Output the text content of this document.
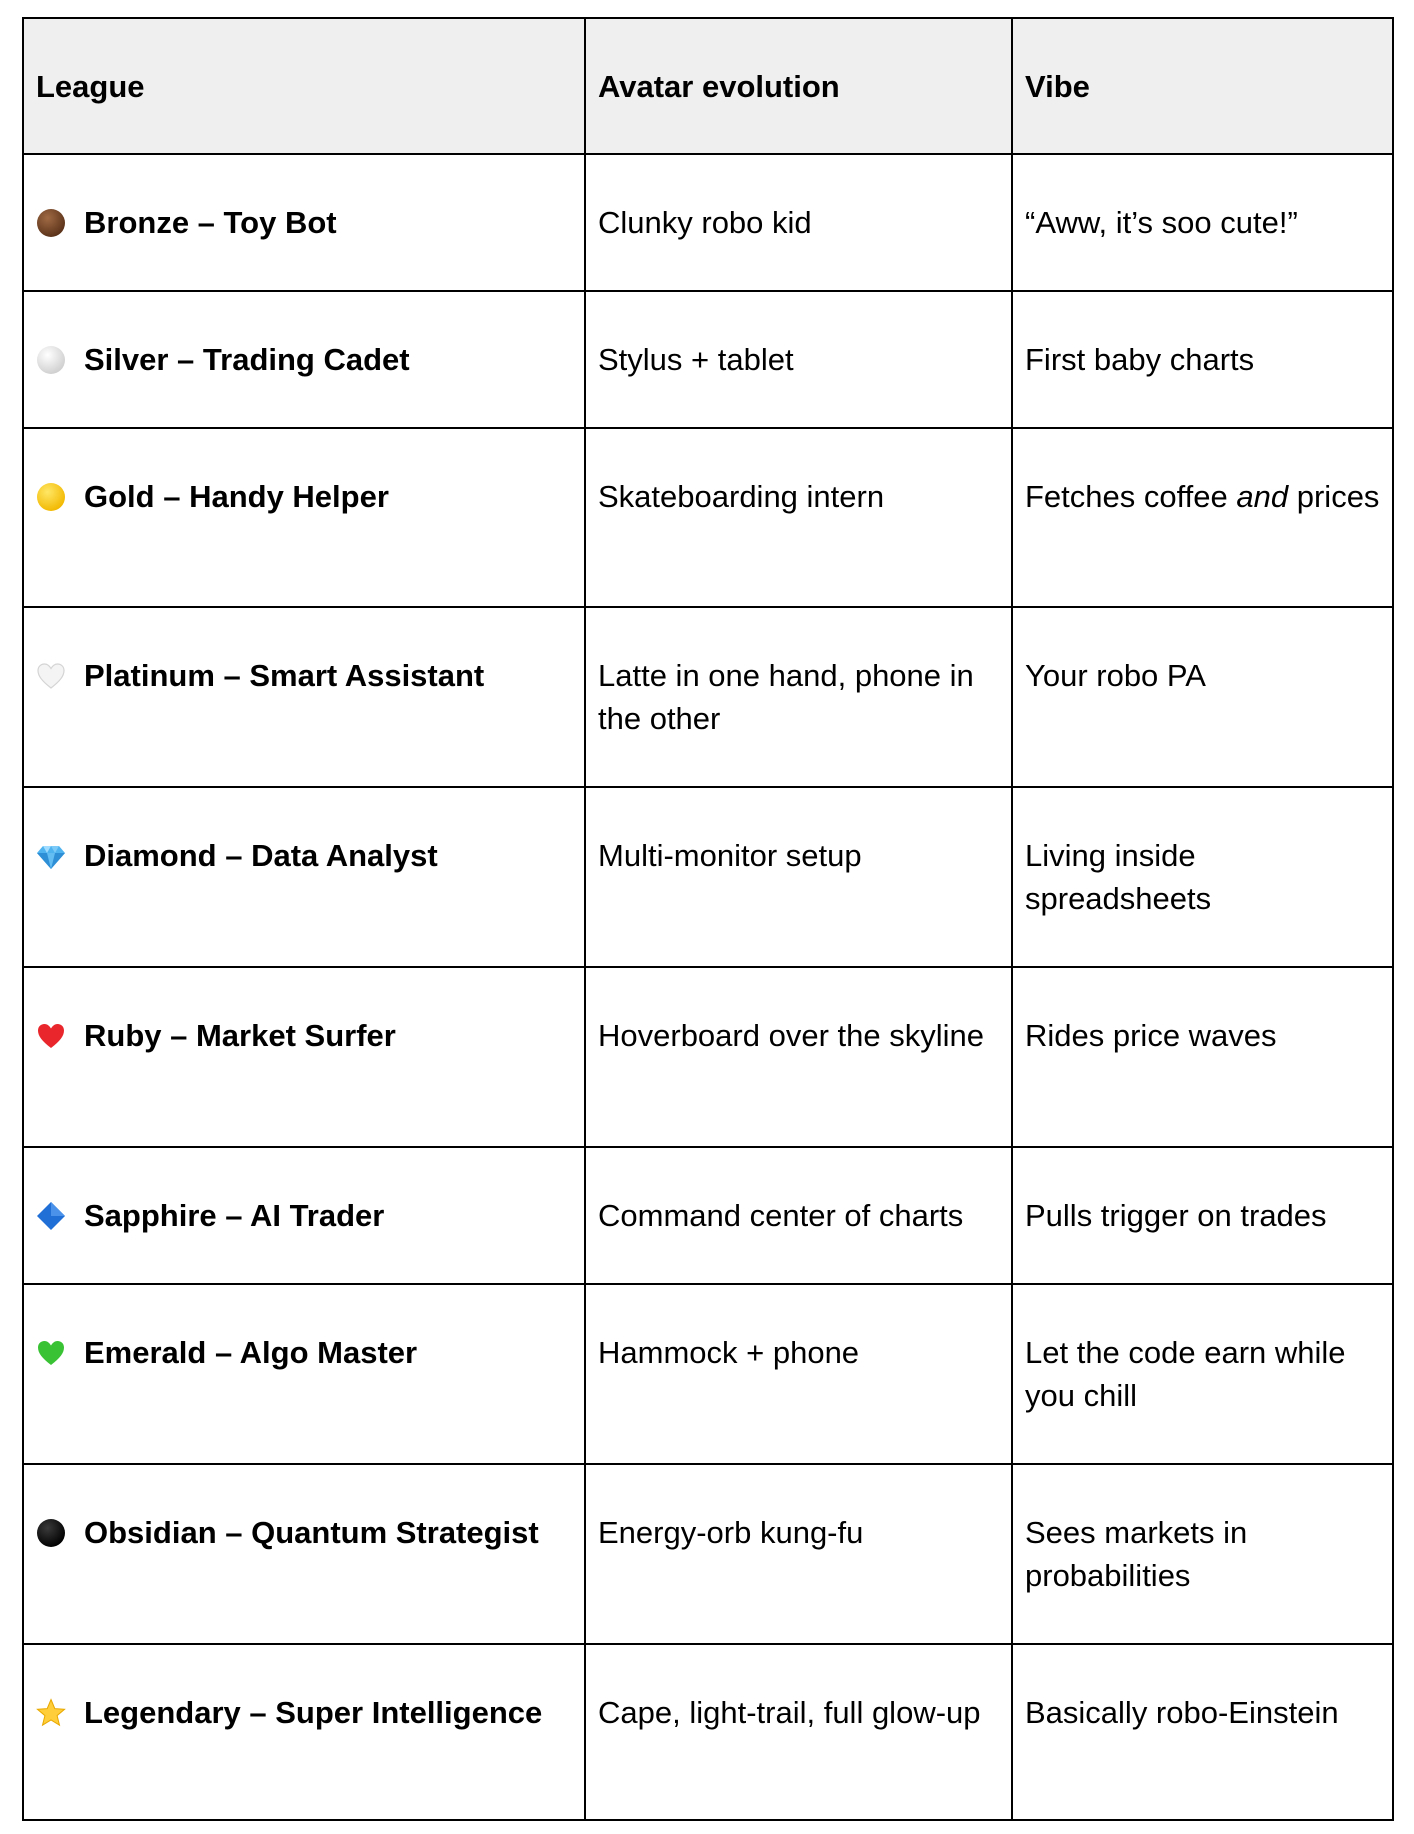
League	Avatar evolution	Vibe

Bronze – Toy Bot	Clunky robo kid	“Aww, it’s soo cute!”

Silver – Trading Cadet	Stylus + tablet	First baby charts

Gold – Handy Helper	Skateboarding intern	Fetches coffee and prices

Platinum – Smart Assistant	Latte in one hand, phone in the other	Your robo PA

Diamond – Data Analyst	Multi-monitor setup	Living inside spreadsheets

Ruby – Market Surfer	Hoverboard over the skyline	Rides price waves

Sapphire – AI Trader	Command center of charts	Pulls trigger on trades

Emerald – Algo Master	Hammock + phone	Let the code earn while you chill

Obsidian – Quantum Strategist	Energy-orb kung-fu	Sees markets in probabilities

Legendary – Super Intelligence	Cape, light-trail, full glow-up	Basically robo-Einstein
